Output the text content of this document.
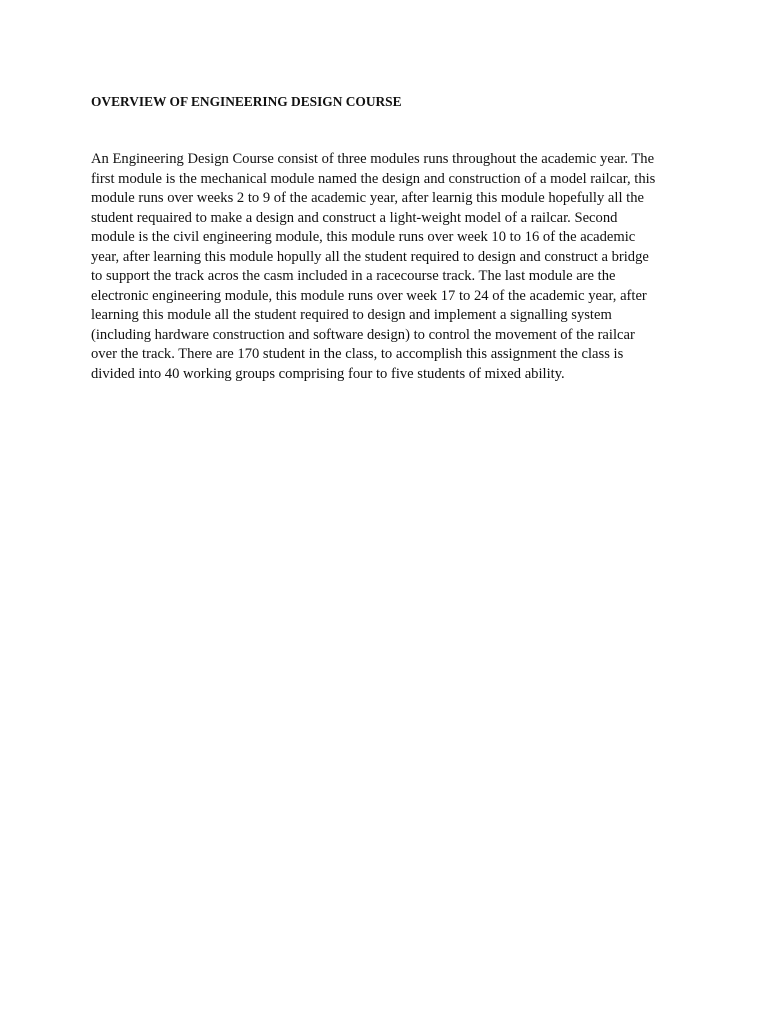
OVERVIEW OF ENGINEERING DESIGN COURSE

An Engineering Design Course consist of three modules runs throughout the academic year. The
first module is the mechanical module named the design and construction of a model railcar, this
module runs over weeks 2 to 9 of the academic year, after learnig this module hopefully all the
student requaired to make a design and construct a light-weight model of a railcar. Second
module is the civil engineering module, this module runs over week 10 to 16 of the academic
year, after learning this module hopully all the student required to design and construct a bridge
to support the track acros the casm included in a racecourse track. The last module are the
electronic engineering module, this module runs over week 17 to 24 of the academic year, after
learning this module all the student required to design and implement a signalling system
(including hardware construction and software design) to control the movement of the railcar
over the track. There are 170 student in the class, to accomplish this assignment the class is
divided into 40 working groups comprising four to five students of mixed ability.
